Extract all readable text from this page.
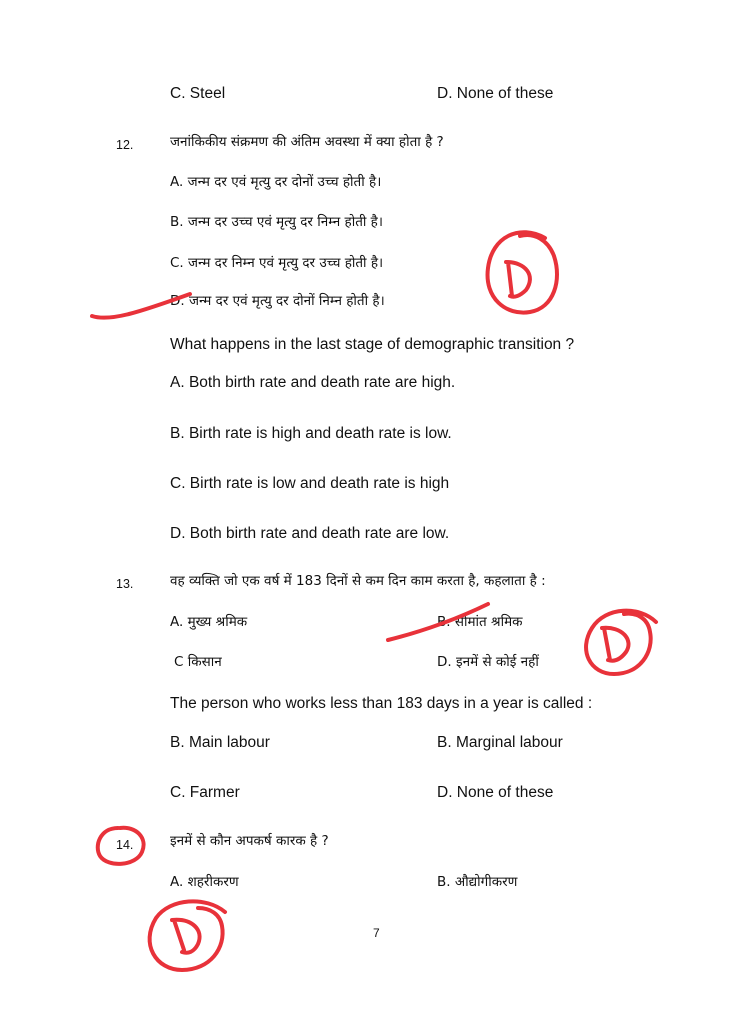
C. Steel	D. None of these
12.	जनांकिकीय संक्रमण की अंतिम अवस्था में क्या होता है ?
A. जन्म दर एवं मृत्यु दर दोनों उच्च होती है।
B. जन्म दर उच्च एवं मृत्यु दर निम्न होती है।
C. जन्म दर निम्न एवं मृत्यु दर उच्च होती है।
D. जन्म दर एवं मृत्यु दर दोनों निम्न होती है।
What happens in the last stage of demographic transition ?
A. Both birth rate and death rate are high.
B. Birth rate is high and death rate is low.
C. Birth rate is low and death rate is high
D. Both birth rate and death rate are low.
13.	वह व्यक्ति जो एक वर्ष में 183 दिनों से कम दिन काम करता है, कहलाता है :
A. मुख्य श्रमिक	B. सीमांत श्रमिक
C किसान	D. इनमें से कोई नहीं
The person who works less than 183 days in a year is called :
B. Main labour	B. Marginal labour
C. Farmer	D. None of these
14.	इनमें से कौन अपकर्ष कारक है ?
A. शहरीकरण	B. औद्योगीकरण
7
